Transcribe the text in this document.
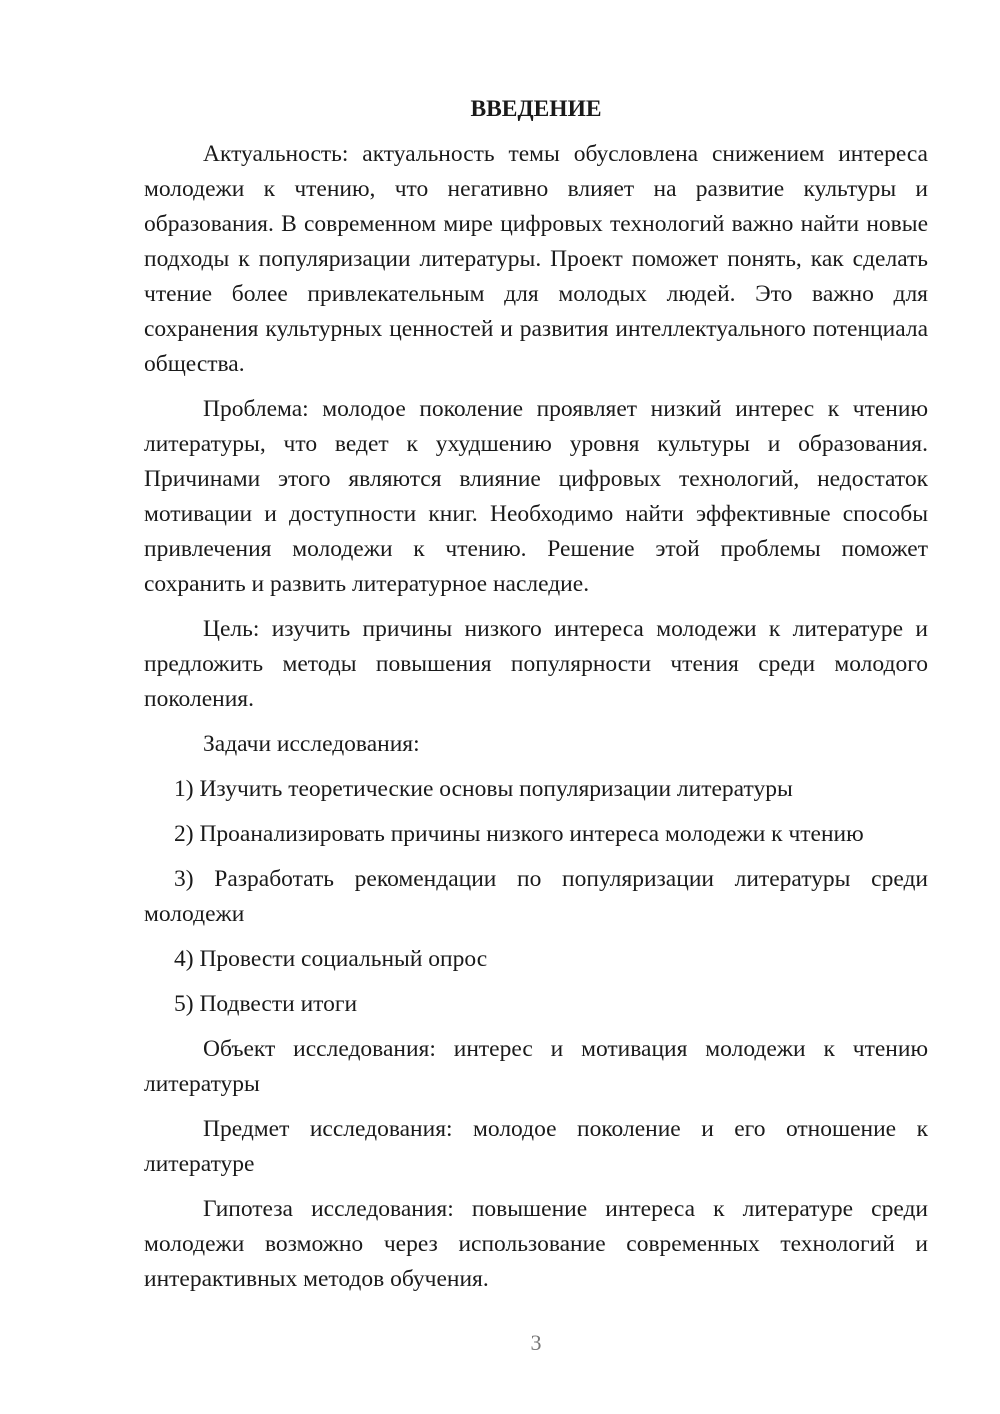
ВВЕДЕНИЕ

Актуальность: актуальность темы обусловлена снижением интереса молодежи к чтению, что негативно влияет на развитие культуры и образования. В современном мире цифровых технологий важно найти новые подходы к популяризации литературы. Проект поможет понять, как сделать чтение более привлекательным для молодых людей. Это важно для сохранения культурных ценностей и развития интеллектуального потенциала общества.

Проблема: молодое поколение проявляет низкий интерес к чтению литературы, что ведет к ухудшению уровня культуры и образования. Причинами этого являются влияние цифровых технологий, недостаток мотивации и доступности книг. Необходимо найти эффективные способы привлечения молодежи к чтению. Решение этой проблемы поможет сохранить и развить литературное наследие.

Цель: изучить причины низкого интереса молодежи к литературе и предложить методы повышения популярности чтения среди молодого поколения.

Задачи исследования:

1) Изучить теоретические основы популяризации литературы

2) Проанализировать причины низкого интереса молодежи к чтению

3) Разработать рекомендации по популяризации литературы среди молодежи

4) Провести социальный опрос

5) Подвести итоги

Объект исследования: интерес и мотивация молодежи к чтению литературы

Предмет исследования: молодое поколение и его отношение к литературе

Гипотеза исследования: повышение интереса к литературе среди молодежи возможно через использование современных технологий и интерактивных методов обучения.

3
